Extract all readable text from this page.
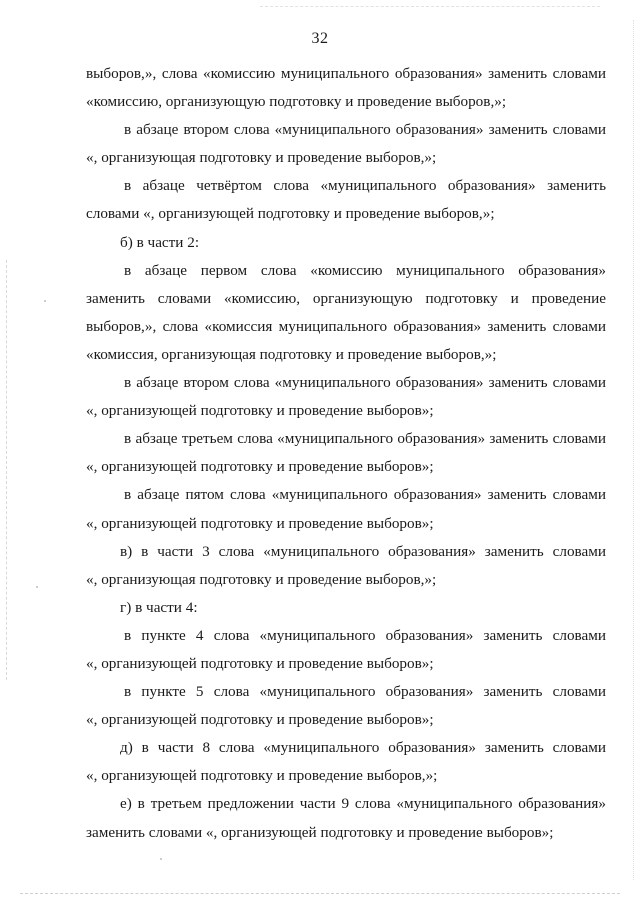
32
выборов,», слова «комиссию муниципального образования» заменить словами
«комиссию, организующую подготовку и проведение выборов,»;
в абзаце втором слова «муниципального образования» заменить словами
«, организующая подготовку и проведение выборов,»;
в абзаце четвёртом слова «муниципального образования» заменить
словами «, организующей подготовку и проведение выборов,»;
б) в части 2:
в абзаце первом слова «комиссию муниципального образования»
заменить словами «комиссию, организующую подготовку и проведение
выборов,», слова «комиссия муниципального образования» заменить словами
«комиссия, организующая подготовку и проведение выборов,»;
в абзаце втором слова «муниципального образования» заменить словами
«, организующей подготовку и проведение выборов»;
в абзаце третьем слова «муниципального образования» заменить словами
«, организующей подготовку и проведение выборов»;
в абзаце пятом слова «муниципального образования» заменить словами
«, организующей подготовку и проведение выборов»;
в) в части 3 слова «муниципального образования» заменить словами
«, организующая подготовку и проведение выборов,»;
г) в части 4:
в пункте 4 слова «муниципального образования» заменить словами
«, организующей подготовку и проведение выборов»;
в пункте 5 слова «муниципального образования» заменить словами
«, организующей подготовку и проведение выборов»;
д) в части 8 слова «муниципального образования» заменить словами
«, организующей подготовку и проведение выборов,»;
е) в третьем предложении части 9 слова «муниципального образования»
заменить словами «, организующей подготовку и проведение выборов»;
